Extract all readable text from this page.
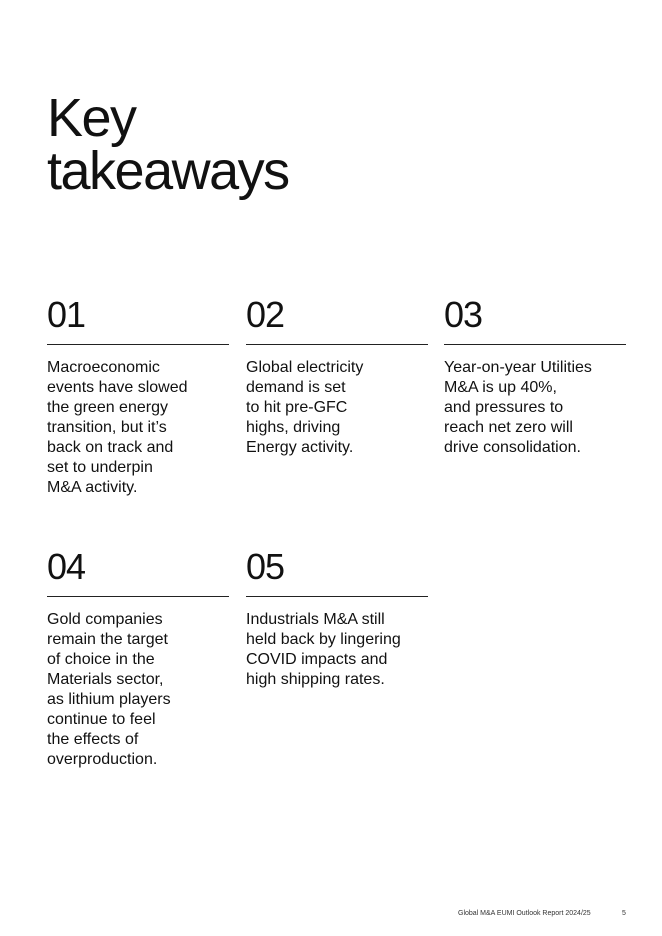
Key
takeaways
01
Macroeconomic
events have slowed
the green energy
transition, but it’s
back on track and
set to underpin
M&A activity.
02
Global electricity
demand is set
to hit pre-GFC
highs, driving
Energy activity.
03
Year-on-year Utilities
M&A is up 40%,
and pressures to
reach net zero will
drive consolidation.
04
Gold companies
remain the target
of choice in the
Materials sector,
as lithium players
continue to feel
the effects of
overproduction.
05
Industrials M&A still
held back by lingering
COVID impacts and
high shipping rates.
Global M&A EUMI Outlook Report 2024/25	5
